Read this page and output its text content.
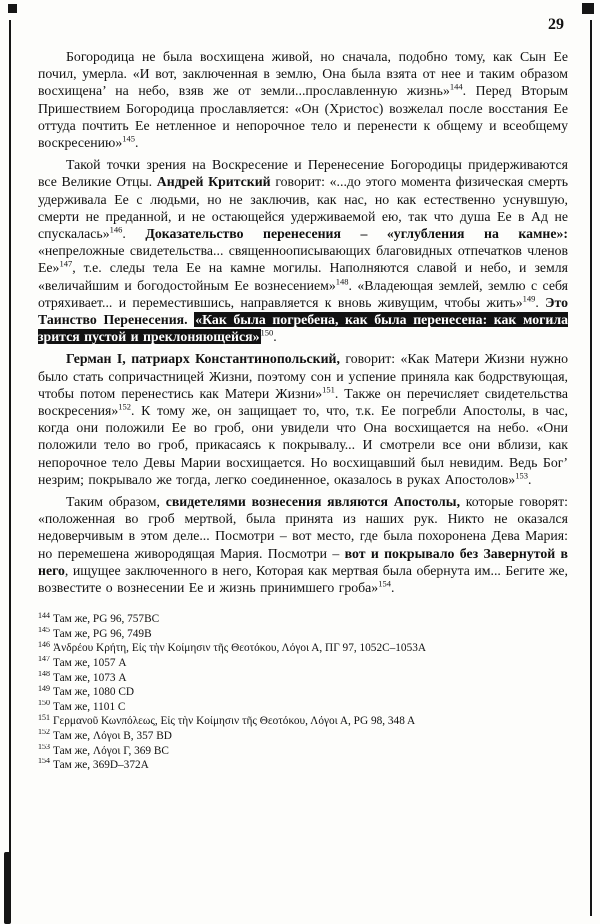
29

Богородица не была восхищена живой, но сначала, подобно тому, как Сын Ее почил, умерла. «И вот, заключенная в землю, Она была взята от нее и таким образом восхищена’ на небо, взяв же от земли...прославленную жизнь»$^{144}$. Перед Вторым Пришествием Богородица прославляется: «Он (Христос) возжелал после восстания Ее оттуда почтить Ее нетленное и непорочное тело и перенести к общему и всеобщему воскресению»$^{145}$.

Такой точки зрения на Воскресение и Перенесение Богородицы придерживаются все Великие Отцы. Андрей Критский говорит: «...до этого момента физическая смерть удерживала Ее с людьми, но не заключив, как нас, но как естественно уснувшую, смерти не преданной, и не остающейся удерживаемой ею, так что душа Ее в Ад не спускалась»$^{146}$. Доказательство перенесения – «углубления на камне»: «непреложные свидетельства... священноописывающих благовидных отпечатков членов Ее»$^{147}$, т.е. следы тела Ее на камне могилы. Наполняются славой и небо, и земля «величайшим и богодостойным Ее вознесением»$^{148}$. «Владеющая землей, землю с себя отряхивает... и переместившись, направляется к вновь живущим, чтобы жить»$^{149}$. Это Таинство Перенесения. «Как была погребена, как была перенесена: как могила зрится пустой и преклоняющейся»$^{150}$.

Герман I, патриарх Константинопольский, говорит: «Как Матери Жизни нужно было стать сопричастницей Жизни, поэтому сон и успение приняла как бодрствующая, чтобы потом перенестись как Матери Жизни»$^{151}$. Также он перечисляет свидетельства воскресения»$^{152}$. К тому же, он защищает то, что, т.к. Ее погребли Апостолы, в час, когда они положили Ее во гроб, они увидели что Она восхищается на небо. «Они положили тело во гроб, прикасаясь к покрывалу... И смотрели все они вблизи, как непорочное тело Девы Марии восхищается. Но восхищавший был невидим. Ведь Бог’ незрим; покрывало же тогда, легко соединенное, оказалось в руках Апостолов»$^{153}$.

Таким образом, свидетелями вознесения являются Апостолы, которые говорят: «положенная во гроб мертвой, была принята из наших рук. Никто не оказался недоверчивым в этом деле... Посмотри – вот место, где была похоронена Дева Мария: но перемешена живородящая Мария. Посмотри – вот и покрывало без Завернутой в него, ищущее заключенного в него, Которая как мертвая была обернута им... Бегите же, возвестите о вознесении Ее и жизнь принимшего гроба»$^{154}$.

$^{144}$ Там же, PG 96, 757BC
$^{145}$ Там же, PG 96, 749B
$^{146}$ Ἀνδρέου Κρήτη, Εἰς τὴν Κοίμησιν τῆς Θεοτόκου, Λόγοι Α, ΠΓ 97, 1052C–1053A
$^{147}$ Там же, 1057 A
$^{148}$ Там же, 1073 A
$^{149}$ Там же, 1080 CD
$^{150}$ Там же, 1101 C
$^{151}$ Γερμανοῦ Κωνπόλεως, Εἰς τὴν Κοίμησιν τῆς Θεοτόκου, Λόγοι Α, PG 98, 348 A
$^{152}$ Там же, Λόγοι Β, 357 BD
$^{153}$ Там же, Λόγοι Γ, 369 BC
$^{154}$ Там же, 369D–372A
